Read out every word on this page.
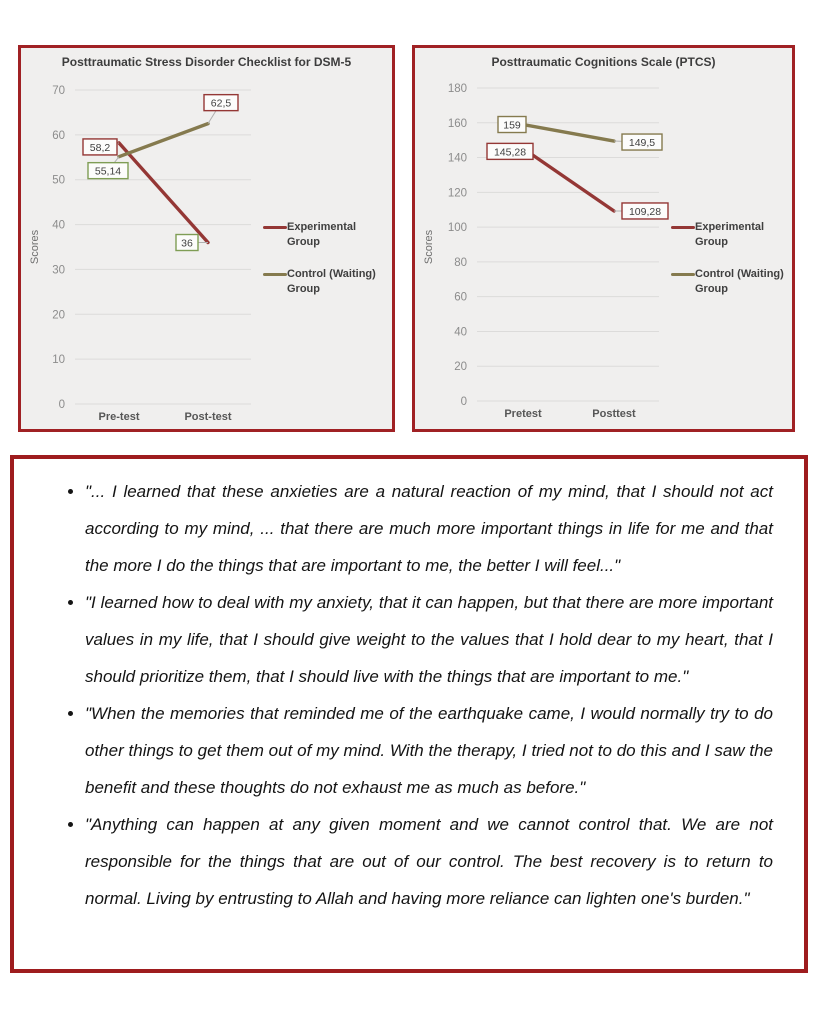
Posttraumatic Stress Disorder Checklist for DSM-5
Scores
0
10
20
30
40
50
60
70
Pre-test	Post-test
58,2
36
55,14
62,5
Experimental Group
Control (Waiting) Group
Posttraumatic Cognitions Scale (PTCS)
Scores
0
20
40
60
80
100
120
140
160
180
Pretest	Posttest
145,28
109,28
159
149,5
Experimental Group
Control (Waiting) Group
• "... I learned that these anxieties are a natural reaction of my mind, that I should not act according to my mind, ... that there are much more important things in life for me and that the more I do the things that are important to me, the better I will feel..."
• "I learned how to deal with my anxiety, that it can happen, but that there are more important values in my life, that I should give weight to the values that I hold dear to my heart, that I should prioritize them, that I should live with the things that are important to me."
• "When the memories that reminded me of the earthquake came, I would normally try to do other things to get them out of my mind. With the therapy, I tried not to do this and I saw the benefit and these thoughts do not exhaust me as much as before."
• "Anything can happen at any given moment and we cannot control that. We are not responsible for the things that are out of our control. The best recovery is to return to normal. Living by entrusting to Allah and having more reliance can lighten one's burden."
